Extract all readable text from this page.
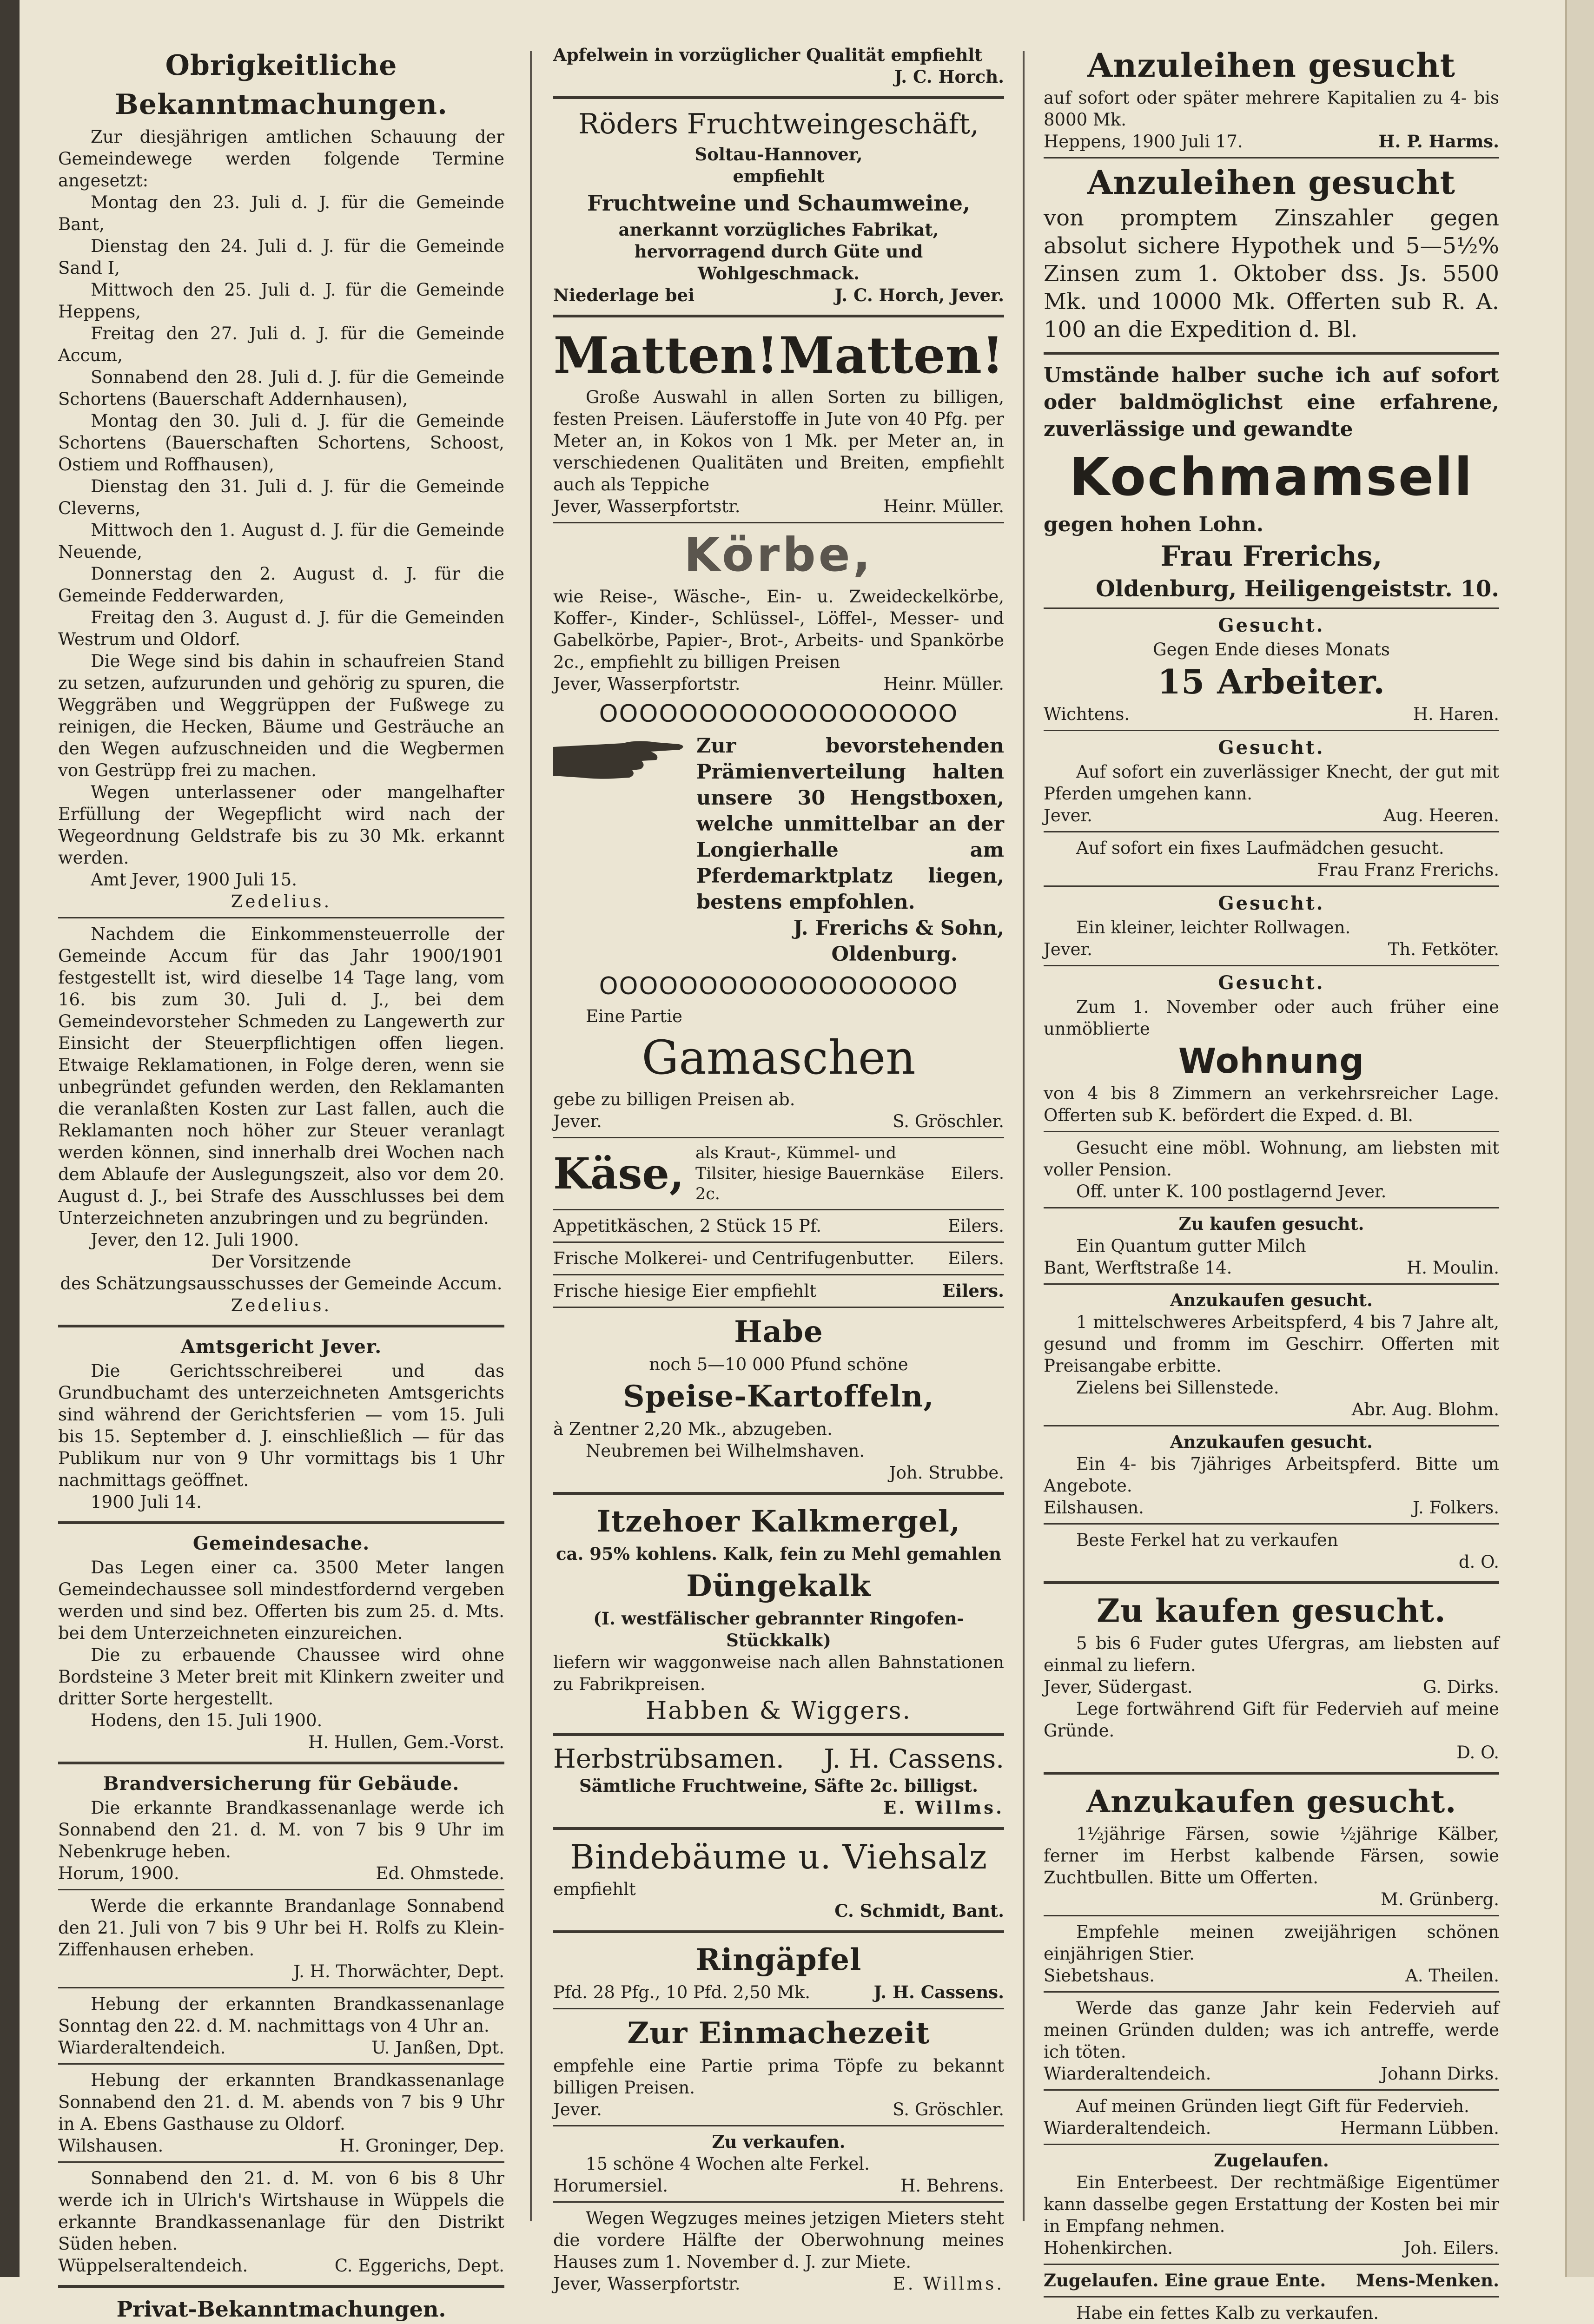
Obrigkeitliche Bekanntmachungen.

Zur diesjährigen amtlichen Schauung der Gemeindewege werden folgende Termine angesetzt:

Montag den 23. Juli d. J. für die Gemeinde Bant,

Dienstag den 24. Juli d. J. für die Gemeinde Sand I,

Mittwoch den 25. Juli d. J. für die Gemeinde Heppens,

Freitag den 27. Juli d. J. für die Gemeinde Accum,

Sonnabend den 28. Juli d. J. für die Gemeinde Schortens (Bauerschaft Addernhausen),

Montag den 30. Juli d. J. für die Gemeinde Schortens (Bauerschaften Schortens, Schoost, Ostiem und Roffhausen),

Dienstag den 31. Juli d. J. für die Gemeinde Cleverns,

Mittwoch den 1. August d. J. für die Gemeinde Neuende,

Donnerstag den 2. August d. J. für die Gemeinde Fedderwarden,

Freitag den 3. August d. J. für die Gemeinden Westrum und Oldorf.

Die Wege sind bis dahin in schaufreien Stand zu setzen, aufzurunden und gehörig zu spuren, die Weggräben und Weggrüppen der Fußwege zu reinigen, die Hecken, Bäume und Gesträuche an den Wegen aufzuschneiden und die Wegbermen von Gestrüpp frei zu machen.

Wegen unterlassener oder mangelhafter Erfüllung der Wegepflicht wird nach der Wegeordnung Geldstrafe bis zu 30 Mk. erkannt werden.

Amt Jever, 1900 Juli 15.

Zedelius.

Nachdem die Einkommensteuerrolle der Gemeinde Accum für das Jahr 1900/1901 festgestellt ist, wird dieselbe 14 Tage lang, vom 16. bis zum 30. Juli d. J., bei dem Gemeindevorsteher Schmeden zu Langewerth zur Einsicht der Steuerpflichtigen offen liegen. Etwaige Reklamationen, in Folge deren, wenn sie unbegründet gefunden werden, den Reklamanten die veranlaßten Kosten zur Last fallen, auch die Reklamanten noch höher zur Steuer veranlagt werden können, sind innerhalb drei Wochen nach dem Ablaufe der Auslegungszeit, also vor dem 20. August d. J., bei Strafe des Ausschlusses bei dem Unterzeichneten anzubringen und zu begründen.

Jever, den 12. Juli 1900.

Der Vorsitzende

des Schätzungsausschusses der Gemeinde Accum.

Zedelius.

Amtsgericht Jever.

Die Gerichtsschreiberei und das Grundbuchamt des unterzeichneten Amtsgerichts sind während der Gerichtsferien — vom 15. Juli bis 15. September d. J. einschließlich — für das Publikum nur von 9 Uhr vormittags bis 1 Uhr nachmittags geöffnet.

1900 Juli 14.

Gemeindesache.

Das Legen einer ca. 3500 Meter langen Gemeindechaussee soll mindestfordernd vergeben werden und sind bez. Offerten bis zum 25. d. Mts. bei dem Unterzeichneten einzureichen.

Die zu erbauende Chaussee wird ohne Bordsteine 3 Meter breit mit Klinkern zweiter und dritter Sorte hergestellt.

Hodens, den 15. Juli 1900.

H. Hullen, Gem.-Vorst.

Brandversicherung für Gebäude.

Die erkannte Brandkassenanlage werde ich Sonnabend den 21. d. M. von 7 bis 9 Uhr im Nebenkruge heben.

Horum, 1900.	Ed. Ohmstede.

Werde die erkannte Brandanlage Sonnabend den 21. Juli von 7 bis 9 Uhr bei H. Rolfs zu Klein-Ziffenhausen erheben.

J. H. Thorwächter, Dept.

Hebung der erkannten Brandkassenanlage Sonntag den 22. d. M. nachmittags von 4 Uhr an.

Wiarderaltendeich.	U. Janßen, Dpt.

Hebung der erkannten Brandkassenanlage Sonnabend den 21. d. M. abends von 7 bis 9 Uhr in A. Ebens Gasthause zu Oldorf.

Wilshausen.	H. Groninger, Dep.

Sonnabend den 21. d. M. von 6 bis 8 Uhr werde ich in Ulrich's Wirtshause in Wüppels die erkannte Brandkassenanlage für den Distrikt Süden heben.

Wüppelseraltendeich.	C. Eggerichs, Dept.
Privat-Bekanntmachungen.

Apfelwein in vorzüglicher Qualität empfiehlt

J. C. Horch.

Röders Fruchtweingeschäft,

Soltau-Hannover,

empfiehlt

Fruchtweine und Schaumweine,

anerkannt vorzügliches Fabrikat, hervorragend durch Güte und Wohlgeschmack.

Niederlage bei	J. C. Horch, Jever.
Matten! Matten!

Große Auswahl in allen Sorten zu billigen, festen Preisen. Läuferstoffe in Jute von 40 Pfg. per Meter an, in Kokos von 1 Mk. per Meter an, in verschiedenen Qualitäten und Breiten, empfiehlt auch als Teppiche

Jever, Wasserpfortstr.	Heinr. Müller.
Körbe,

wie Reise-, Wäsche-, Ein- u. Zweideckelkörbe, Koffer-, Kinder-, Schlüssel-, Löffel-, Messer- und Gabelkörbe, Papier-, Brot-, Arbeits- und Spankörbe 2c., empfiehlt zu billigen Preisen

Jever, Wasserpfortstr.	Heinr. Müller.
OOOOOOOOOOOOOOOOOO

Zur bevorstehenden Prämienverteilung halten unsere 30 Hengstboxen, welche unmittelbar an der Longierhalle am Pferdemarktplatz liegen, bestens empfohlen.

J. Frerichs & Sohn,

Oldenburg.

OOOOOOOOOOOOOOOOOO

Eine Partie

Gamaschen

gebe zu billigen Preisen ab.

Jever.	S. Gröschler.
Käse, als Kraut-, Kümmel- und Tilsiter, hiesige Bauernkäse 2c.
Eilers.
Appetitkäschen, 2 Stück 15 Pf.	Eilers.
Frische Molkerei- und Centrifugenbutter. Eilers.
Frische hiesige Eier empfiehlt	Eilers.
Habe

noch 5—10 000 Pfund schöne

Speise-Kartoffeln,

à Zentner 2,20 Mk., abzugeben.

Neubremen bei Wilhelmshaven.

Joh. Strubbe.

Itzehoer Kalkmergel,

ca. 95% kohlens. Kalk, fein zu Mehl gemahlen

Düngekalk

(I. westfälischer gebrannter Ringofen-Stückkalk)

liefern wir waggonweise nach allen Bahnstationen zu Fabrikpreisen.

Habben & Wiggers.
Herbstrübsamen. J. H. Cassens.

Sämtliche Fruchtweine, Säfte 2c. billigst.

E. Willms.

Bindebäume u. Viehsalz

empfiehlt

C. Schmidt, Bant.

Ringäpfel
Pfd. 28 Pfg., 10 Pfd. 2,50 Mk.	J. H. Cassens.
Zur Einmachezeit

empfehle eine Partie prima Töpfe zu bekannt billigen Preisen.

Jever.	S. Gröschler.

Zu verkaufen.

15 schöne 4 Wochen alte Ferkel.

Horumersiel.	H. Behrens.

Wegen Wegzuges meines jetzigen Mieters steht die vordere Hälfte der Oberwohnung meines Hauses zum 1. November d. J. zur Miete.

Jever, Wasserpfortstr.	E. Willms.
Anzuleihen gesucht

auf sofort oder später mehrere Kapitalien zu 4- bis 8000 Mk.

Heppens, 1900 Juli 17.	H. P. Harms.
Anzuleihen gesucht

von promptem Zinszahler gegen absolut sichere Hypothek und 5—5½% Zinsen zum 1. Oktober dss. Js. 5500 Mk. und 10000 Mk. Offerten sub R. A. 100 an die Expedition d. Bl.

Umstände halber suche ich auf sofort oder baldmöglichst eine erfahrene, zuverlässige und gewandte

Kochmamsell

gegen hohen Lohn.

Frau Frerichs,

Oldenburg, Heiligengeiststr. 10.

Gesucht.

Gegen Ende dieses Monats

15 Arbeiter.
Wichtens.	H. Haren.
Gesucht.

Auf sofort ein zuverlässiger Knecht, der gut mit Pferden umgehen kann.

Jever.	Aug. Heeren.

Auf sofort ein fixes Laufmädchen gesucht.

Frau Franz Frerichs.

Gesucht.

Ein kleiner, leichter Rollwagen.

Jever.	Th. Fetköter.
Gesucht.

Zum 1. November oder auch früher eine unmöblierte

Wohnung

von 4 bis 8 Zimmern an verkehrsreicher Lage. Offerten sub K. befördert die Exped. d. Bl.

Gesucht eine möbl. Wohnung, am liebsten mit voller Pension.

Off. unter K. 100 postlagernd Jever.

Zu kaufen gesucht.

Ein Quantum gutter Milch

Bant, Werftstraße 14.	H. Moulin.

Anzukaufen gesucht.

1 mittelschweres Arbeitspferd, 4 bis 7 Jahre alt, gesund und fromm im Geschirr. Offerten mit Preisangabe erbitte.

Zielens bei Sillenstede.

Abr. Aug. Blohm.

Anzukaufen gesucht.

Ein 4- bis 7jähriges Arbeitspferd. Bitte um Angebote.

Eilshausen.	J. Folkers.

Beste Ferkel hat zu verkaufen

d. O.

Zu kaufen gesucht.

5 bis 6 Fuder gutes Ufergras, am liebsten auf einmal zu liefern.

Jever, Südergast.	G. Dirks.

Lege fortwährend Gift für Federvieh auf meine Gründe.

D. O.

Anzukaufen gesucht.

1½jährige Färsen, sowie ½jährige Kälber, ferner im Herbst kalbende Färsen, sowie Zuchtbullen. Bitte um Offerten.

M. Grünberg.

Empfehle meinen zweijährigen schönen einjährigen Stier.

Siebetshaus.	A. Theilen.

Werde das ganze Jahr kein Federvieh auf meinen Gründen dulden; was ich antreffe, werde ich töten.

Wiarderaltendeich.	Johann Dirks.

Auf meinen Gründen liegt Gift für Federvieh.

Wiarderaltendeich.	Hermann Lübben.

Zugelaufen.

Ein Enterbeest. Der rechtmäßige Eigentümer kann dasselbe gegen Erstattung der Kosten bei mir in Empfang nehmen.

Hohenkirchen.	Joh. Eilers.
Zugelaufen. Eine graue Ente. Mens-Menken.

Habe ein fettes Kalb zu verkaufen.
